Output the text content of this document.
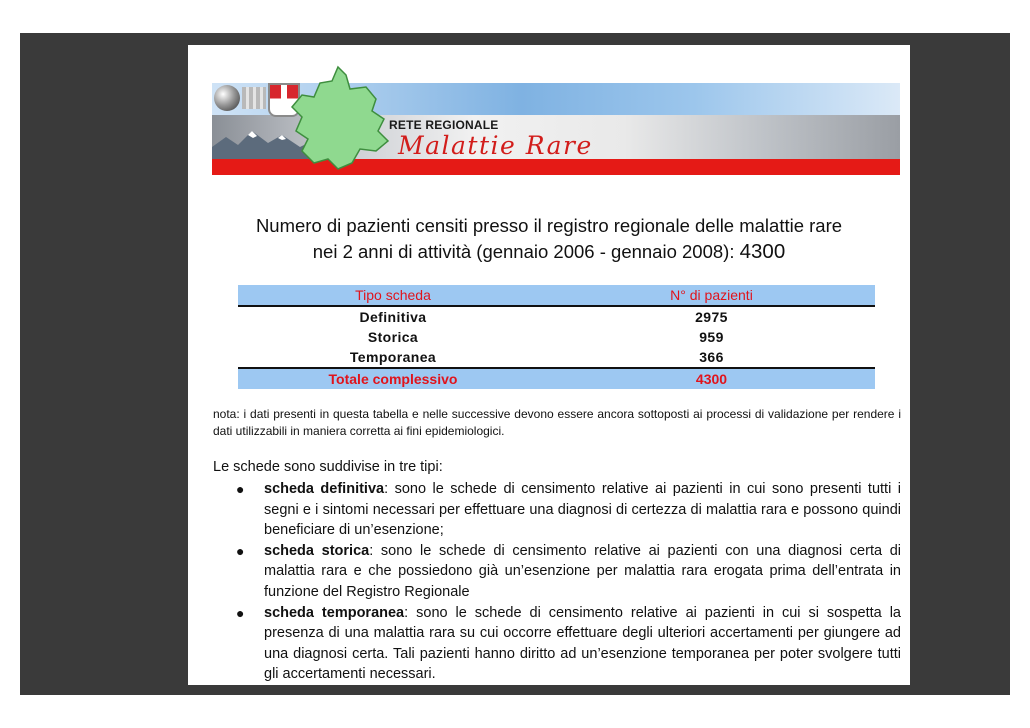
RETE REGIONALE
Malattie Rare
Numero di pazienti censiti presso il registro regionale delle malattie rare
nei 2 anni di attività (gennaio 2006 - gennaio 2008): 4300
Tipo scheda	N° di pazienti
Definitiva	2975
Storica	959
Temporanea	366
Totale complessivo	4300
nota: i dati presenti in questa tabella e nelle successive devono essere ancora sottoposti ai processi di validazione per rendere i dati utilizzabili in maniera corretta ai fini epidemiologici.
Le schede sono suddivise in tre tipi:
● scheda definitiva: sono le schede di censimento relative ai pazienti in cui sono presenti tutti i segni e i sintomi necessari per effettuare una diagnosi di certezza di malattia rara e possono quindi beneficiare di un’esenzione;
● scheda storica: sono le schede di censimento relative ai pazienti con una diagnosi certa di malattia rara e che possiedono già un’esenzione per malattia rara erogata prima dell’entrata in funzione del Registro Regionale
● scheda temporanea: sono le schede di censimento relative ai pazienti in cui si sospetta la presenza di una malattia rara su cui occorre effettuare degli ulteriori accertamenti per giungere ad una diagnosi certa. Tali pazienti hanno diritto ad un’esenzione temporanea per poter svolgere tutti gli accertamenti necessari.
